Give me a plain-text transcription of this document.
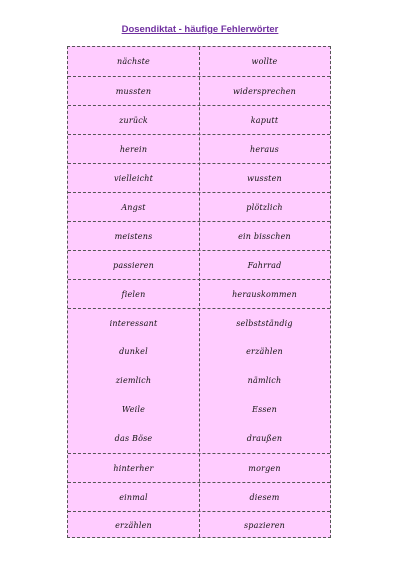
Dosendiktat - häufige Fehlerwörter
nächste	wollte
mussten	widersprechen
zurück	kaputt
herein	heraus
vielleicht	wussten
Angst	plötzlich
meistens	ein bisschen
passieren	Fahrrad
fielen	herauskommen
interessant	selbstständig
dunkel	erzählen
ziemlich	nämlich
Weile	Essen
das Böse	draußen
hinterher	morgen
einmal	diesem
erzählen	spazieren
